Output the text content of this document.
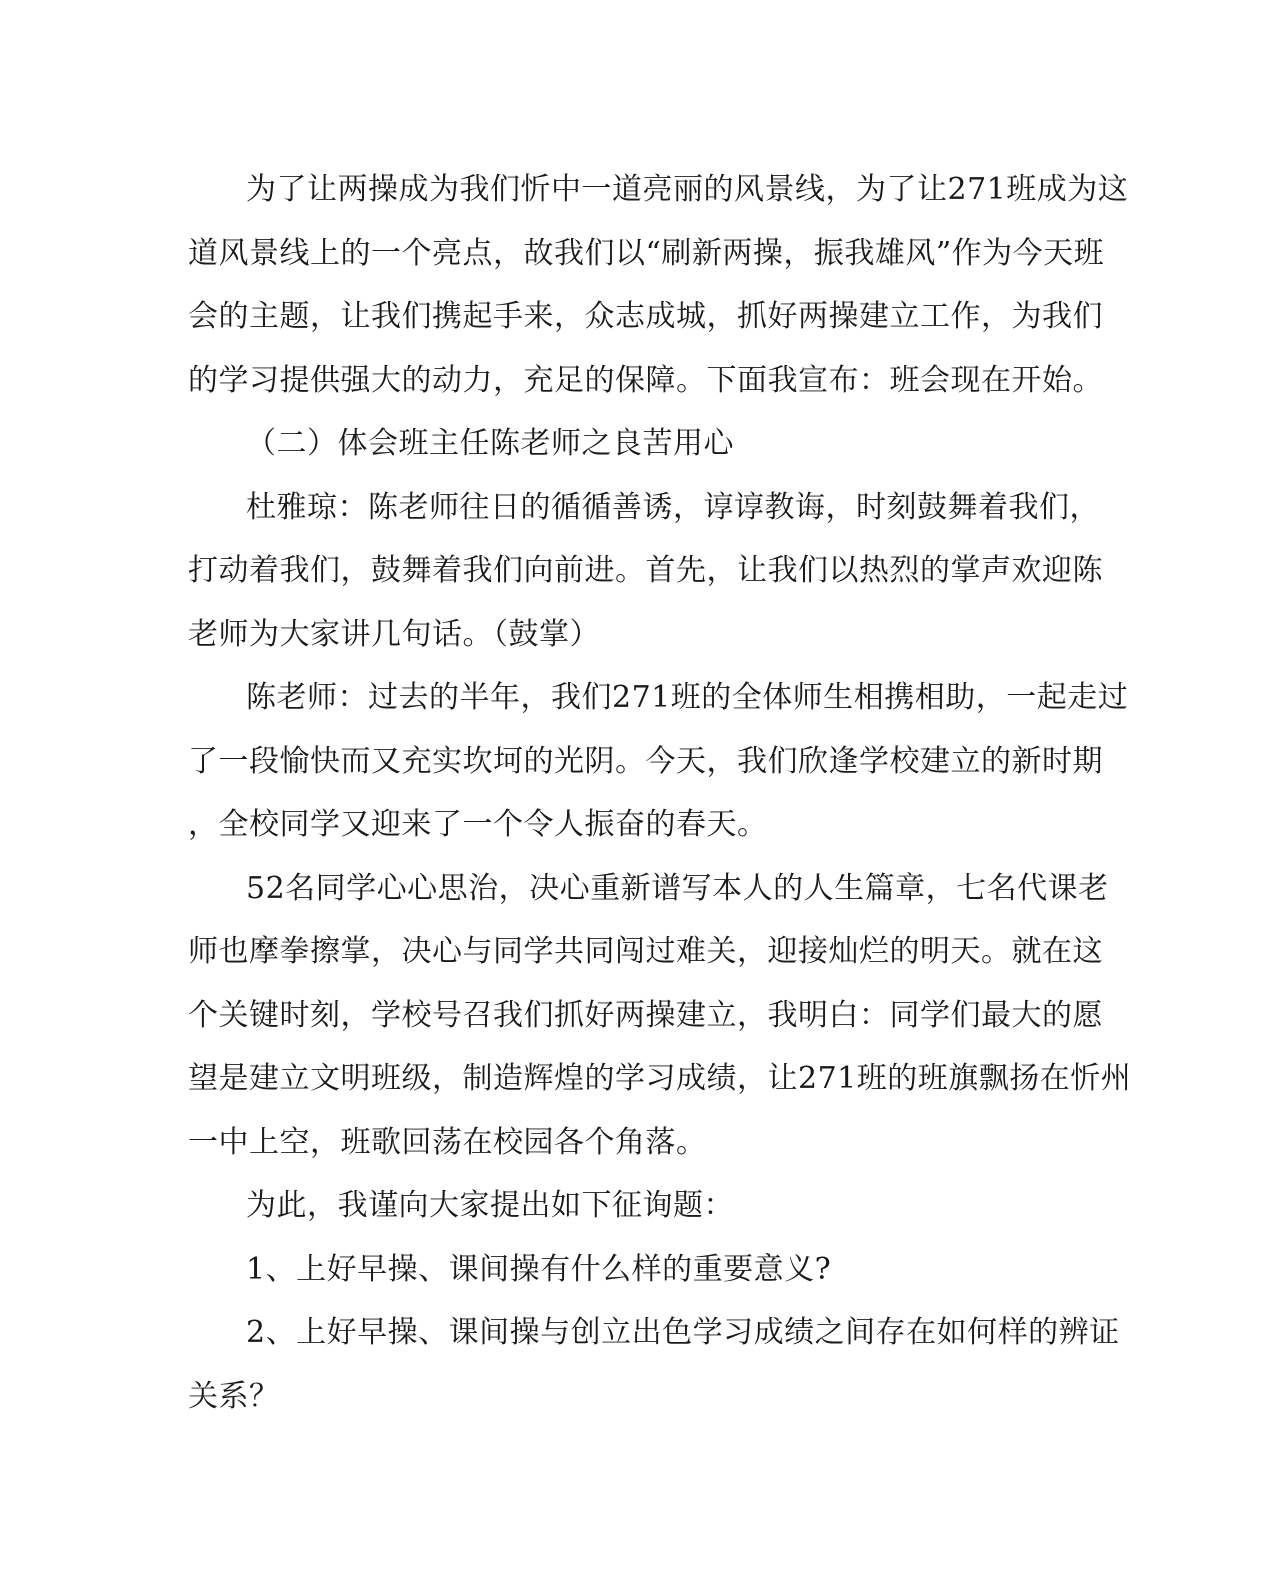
为了让两操成为我们忻中一道亮丽的风景线，为了让271班成为这
道风景线上的一个亮点，故我们以“刷新两操，振我雄风”作为今天班
会的主题，让我们携起手来，众志成城，抓好两操建立工作，为我们
的学习提供强大的动力，充足的保障。下面我宣布：班会现在开始。
（二）体会班主任陈老师之良苦用心
杜雅琼：陈老师往日的循循善诱，谆谆教诲，时刻鼓舞着我们，
打动着我们，鼓舞着我们向前进。首先，让我们以热烈的掌声欢迎陈
老师为大家讲几句话。（鼓掌）
陈老师：过去的半年，我们271班的全体师生相携相助，一起走过
了一段愉快而又充实坎坷的光阴。今天，我们欣逢学校建立的新时期
，全校同学又迎来了一个令人振奋的春天。
52名同学心心思治，决心重新谱写本人的人生篇章，七名代课老
师也摩拳擦掌，决心与同学共同闯过难关，迎接灿烂的明天。就在这
个关键时刻，学校号召我们抓好两操建立，我明白：同学们最大的愿
望是建立文明班级，制造辉煌的学习成绩，让271班的班旗飘扬在忻州
一中上空，班歌回荡在校园各个角落。
为此，我谨向大家提出如下征询题：
1、上好早操、课间操有什么样的重要意义?
2、上好早操、课间操与创立出色学习成绩之间存在如何样的辨证
关系？
